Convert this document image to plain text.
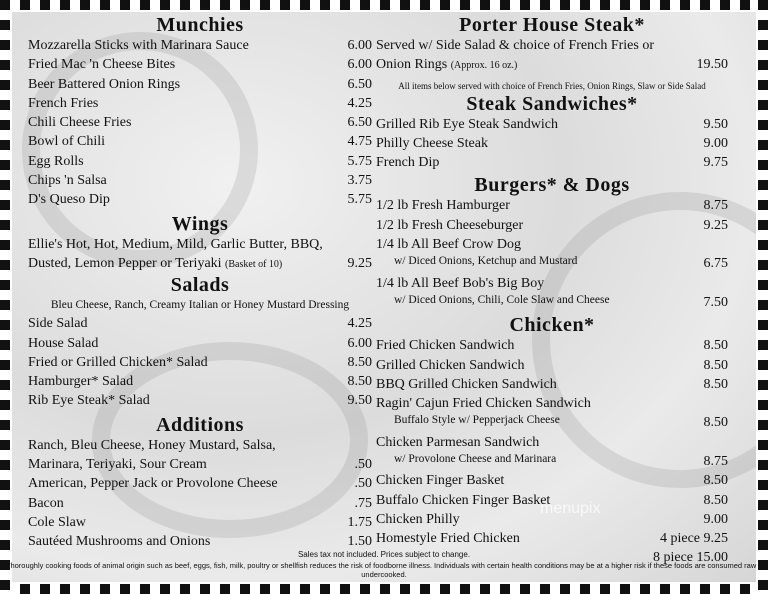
Munchies
Mozzarella Sticks with Marinara Sauce	6.00
Fried Mac 'n Cheese Bites	6.00
Beer Battered Onion Rings	6.50
French Fries	4.25
Chili Cheese Fries	6.50
Bowl of Chili	4.75
Egg Rolls	5.75
Chips 'n Salsa	3.75
D's Queso Dip	5.75
Wings
Ellie's Hot, Hot, Medium, Mild, Garlic Butter, BBQ,
Dusted, Lemon Pepper or Teriyaki (Basket of 10)	9.25
Salads
Bleu Cheese, Ranch, Creamy Italian or Honey Mustard Dressing
Side Salad	4.25
House Salad	6.00
Fried or Grilled Chicken* Salad	8.50
Hamburger* Salad	8.50
Rib Eye Steak* Salad	9.50
Additions
Ranch, Bleu Cheese, Honey Mustard, Salsa,
Marinara, Teriyaki, Sour Cream	.50
American, Pepper Jack or Provolone Cheese	.50
Bacon	.75
Cole Slaw	1.75
Sautéed Mushrooms and Onions	1.50
Porter House Steak*
Served w/ Side Salad & choice of French Fries or
Onion Rings (Approx. 16 oz.)	19.50
All items below served with choice of French Fries, Onion Rings, Slaw or Side Salad
Steak Sandwiches*
Grilled Rib Eye Steak Sandwich	9.50
Philly Cheese Steak	9.00
French Dip	9.75
Burgers* & Dogs
1/2 lb Fresh Hamburger	8.75
1/2 lb Fresh Cheeseburger	9.25
1/4 lb All Beef Crow Dog
w/ Diced Onions, Ketchup and Mustard	6.75
1/4 lb All Beef Bob's Big Boy
w/ Diced Onions, Chili, Cole Slaw and Cheese	7.50
Chicken*
Fried Chicken Sandwich	8.50
Grilled Chicken Sandwich	8.50
BBQ Grilled Chicken Sandwich	8.50
Ragin' Cajun Fried Chicken Sandwich
Buffalo Style w/ Pepperjack Cheese	8.50
Chicken Parmesan Sandwich
w/ Provolone Cheese and Marinara	8.75
Chicken Finger Basket	8.50
Buffalo Chicken Finger Basket	8.50
Chicken Philly	9.00
Homestyle Fried Chicken	4 piece 9.25
8 piece 15.00
menupix
Sales tax not included. Prices subject to change.
*Thoroughly cooking foods of animal origin such as beef, eggs, fish, milk, poultry or shellfish reduces the risk of foodborne illness. Individuals with certain health conditions may be at a higher risk if these foods are consumed raw or undercooked.
